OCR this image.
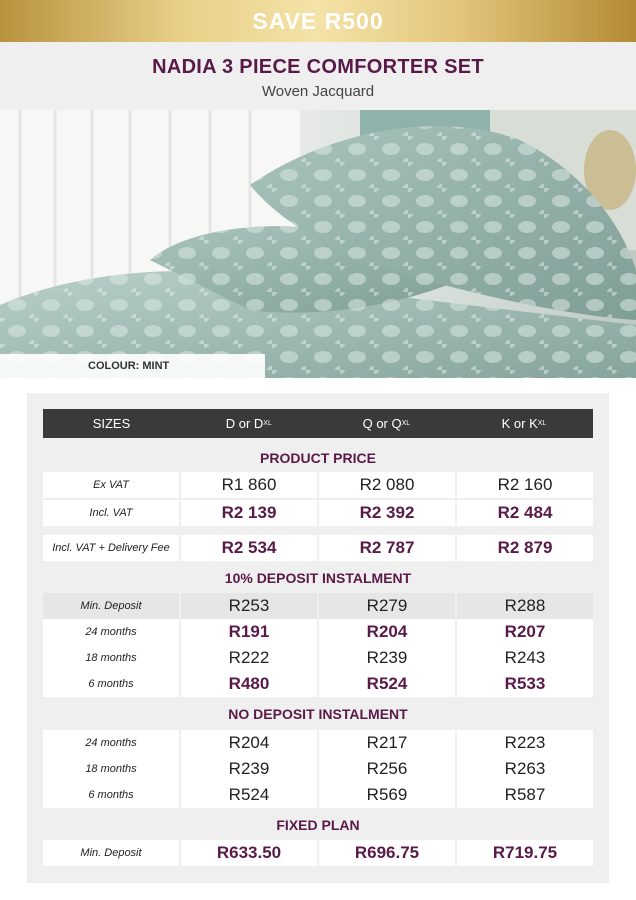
SAVE R500
NADIA 3 PIECE COMFORTER SET
Woven Jacquard
COLOUR: MINT
SIZES	D or D XL	Q or Q XL	K or K XL
PRODUCT PRICE
Ex VAT	R1 860	R2 080	R2 160
Incl. VAT	R2 139	R2 392	R2 484
Incl. VAT + Delivery Fee	R2 534	R2 787	R2 879
10% DEPOSIT INSTALMENT
Min. Deposit	R253	R279	R288
24 months	R191	R204	R207
18 months	R222	R239	R243
6 months	R480	R524	R533
NO DEPOSIT INSTALMENT
24 months	R204	R217	R223
18 months	R239	R256	R263
6 months	R524	R569	R587
FIXED PLAN
Min. Deposit	R633.50	R696.75	R719.75
